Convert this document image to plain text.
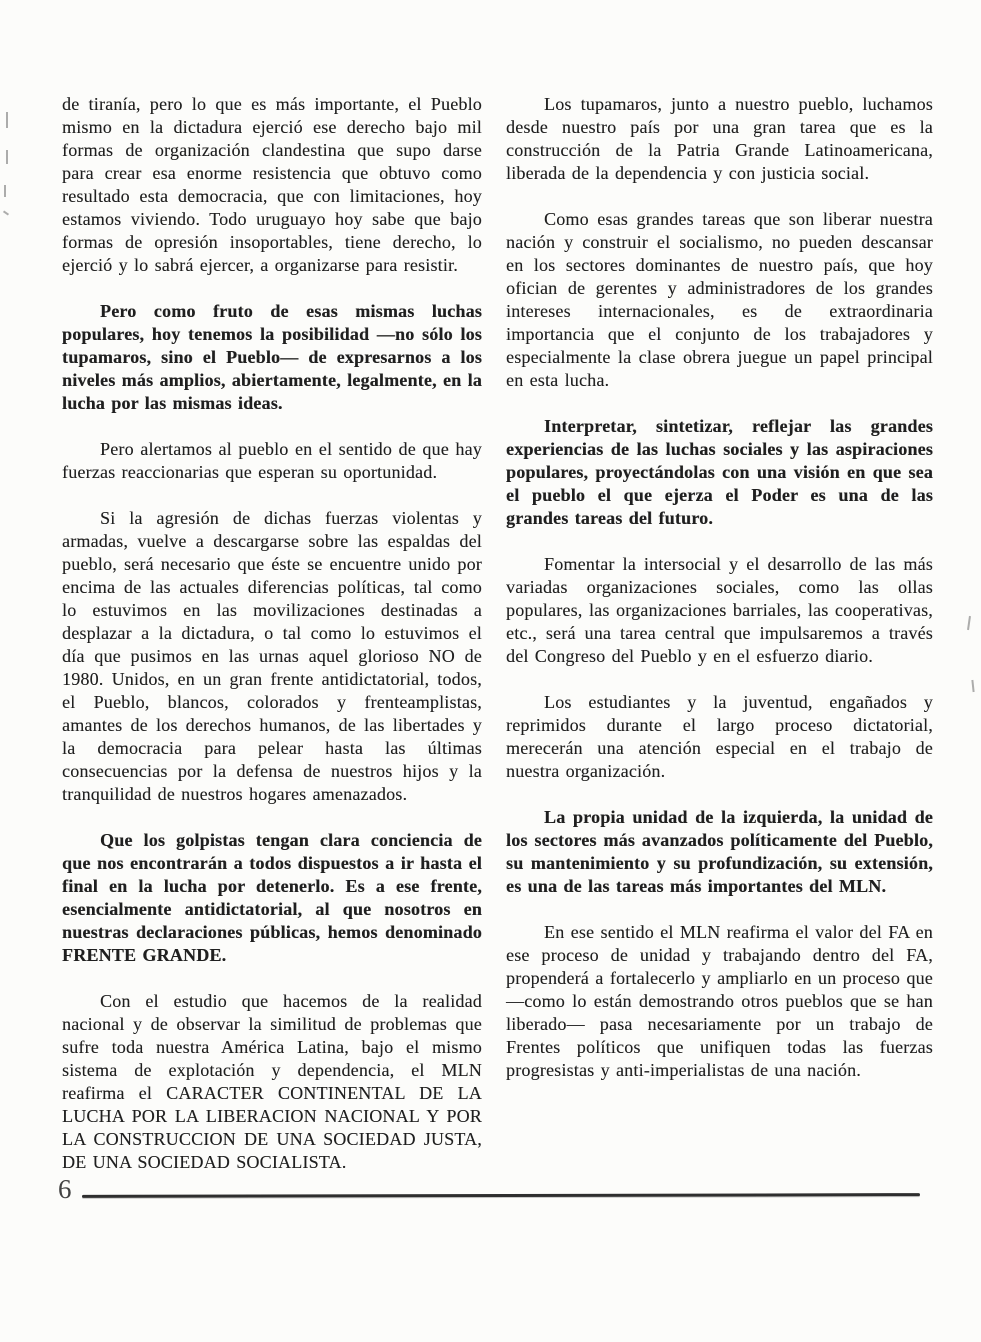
de tiranía, pero lo que es más importante, el Pueblo mismo en la dictadura ejerció ese derecho bajo mil formas de organización clandestina que supo darse para crear esa enorme resistencia que obtuvo como resultado esta democracia, que con limitaciones, hoy estamos viviendo. Todo uruguayo hoy sabe que bajo formas de opresión insoportables, tiene derecho, lo ejerció y lo sabrá ejercer, a organizarse para resistir.

Pero como fruto de esas mismas luchas populares, hoy tenemos la posibilidad —no sólo los tupamaros, sino el Pueblo— de expresarnos a los niveles más amplios, abiertamente, legalmente, en la lucha por las mismas ideas.

Pero alertamos al pueblo en el sentido de que hay fuerzas reaccionarias que esperan su oportunidad.

Si la agresión de dichas fuerzas violentas y armadas, vuelve a descargarse sobre las espaldas del pueblo, será necesario que éste se encuentre unido por encima de las actuales diferencias políticas, tal como lo estuvimos en las movilizaciones destinadas a desplazar a la dictadura, o tal como lo estuvimos el día que pusimos en las urnas aquel glorioso NO de 1980. Unidos, en un gran frente antidictatorial, todos, el Pueblo, blancos, colorados y frenteamplistas, amantes de los derechos humanos, de las libertades y la democracia para pelear hasta las últimas consecuencias por la defensa de nuestros hijos y la tranquilidad de nuestros hogares amenazados.

Que los golpistas tengan clara conciencia de que nos encontrarán a todos dispuestos a ir hasta el final en la lucha por detenerlo. Es a ese frente, esencialmente antidictatorial, al que nosotros en nuestras declaraciones públicas, hemos denominado FRENTE GRANDE.

Con el estudio que hacemos de la realidad nacional y de observar la similitud de problemas que sufre toda nuestra América Latina, bajo el mismo sistema de explotación y dependencia, el MLN reafirma el CARACTER CONTINENTAL DE LA LUCHA POR LA LIBERACION NACIONAL Y POR LA CONSTRUCCION DE UNA SOCIEDAD JUSTA, DE UNA SOCIEDAD SOCIALISTA.

Los tupamaros, junto a nuestro pueblo, luchamos desde nuestro país por una gran tarea que es la construcción de la Patria Grande Latinoamericana, liberada de la dependencia y con justicia social.

Como esas grandes tareas que son liberar nuestra nación y construir el socialismo, no pueden descansar en los sectores dominantes de nuestro país, que hoy ofician de gerentes y administradores de los grandes intereses internacionales, es de extraordinaria importancia que el conjunto de los trabajadores y especialmente la clase obrera juegue un papel principal en esta lucha.

Interpretar, sintetizar, reflejar las grandes experiencias de las luchas sociales y las aspiraciones populares, proyectándolas con una visión en que sea el pueblo el que ejerza el Poder es una de las grandes tareas del futuro.

Fomentar la intersocial y el desarrollo de las más variadas organizaciones sociales, como las ollas populares, las organizaciones barriales, las cooperativas, etc., será una tarea central que impulsaremos a través del Congreso del Pueblo y en el esfuerzo diario.

Los estudiantes y la juventud, engañados y reprimidos durante el largo proceso dictatorial, merecerán una atención especial en el trabajo de nuestra organización.

La propia unidad de la izquierda, la unidad de los sectores más avanzados políticamente del Pueblo, su mantenimiento y su profundización, su extensión, es una de las tareas más importantes del MLN.

En ese sentido el MLN reafirma el valor del FA en ese proceso de unidad y trabajando dentro del FA, propenderá a fortalecerlo y ampliarlo en un proceso que —como lo están demostrando otros pueblos que se han liberado— pasa necesariamente por un trabajo de Frentes políticos que unifiquen todas las fuerzas progresistas y anti-imperialistas de una nación.

6
